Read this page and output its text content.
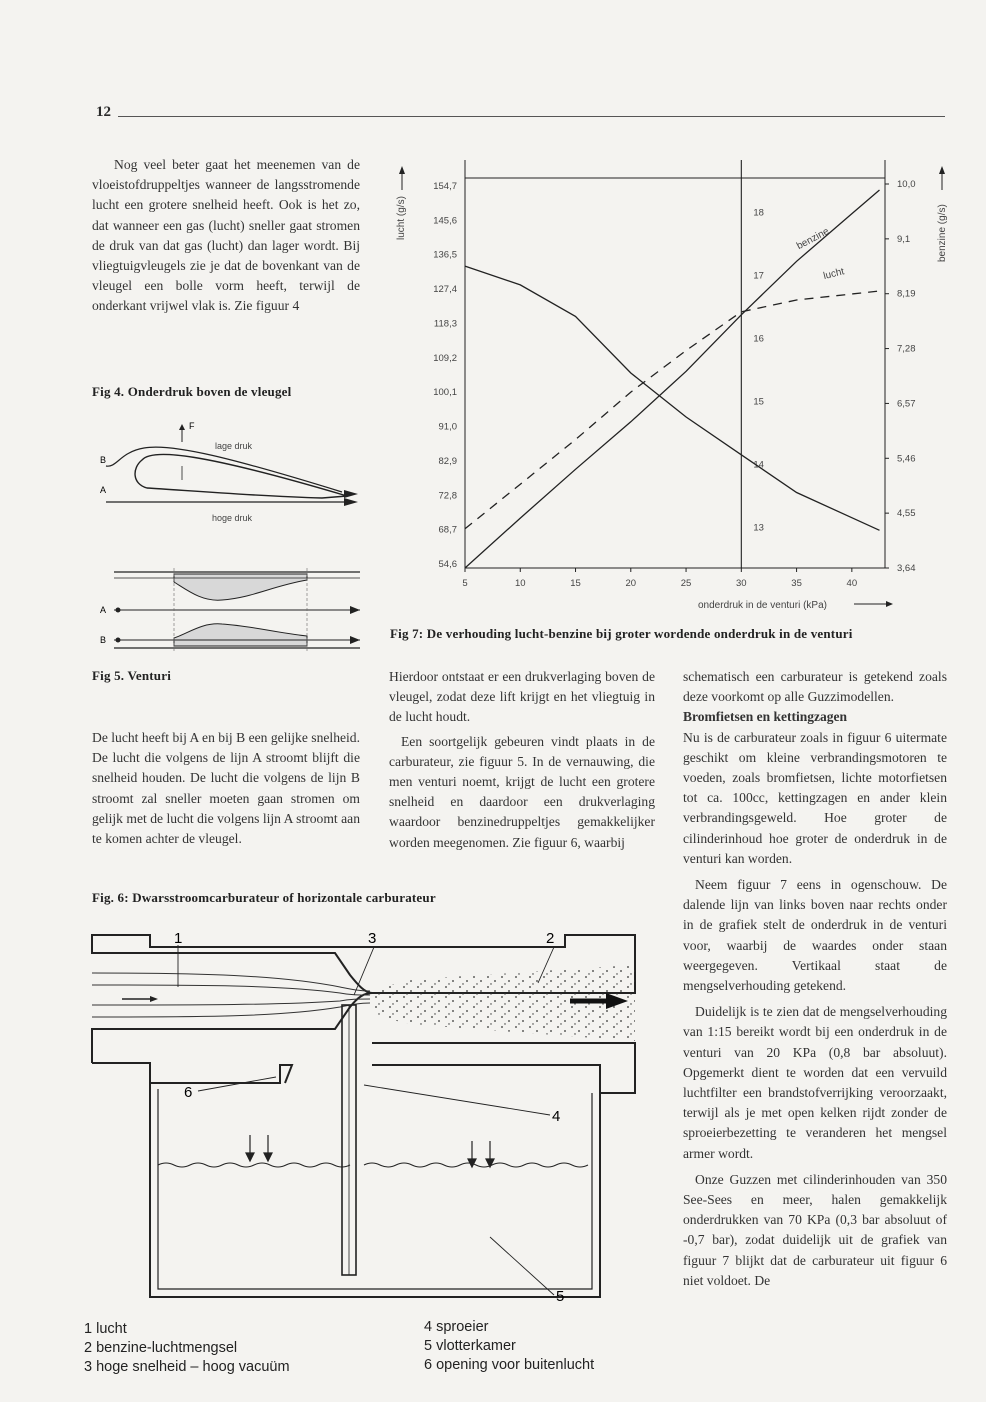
12
Nog veel beter gaat het meenemen van de vloeistofdruppeltjes wanneer de langsstromende lucht een grotere snelheid heeft. Ook is het zo, dat wanneer een gas (lucht) sneller gaat stromen de druk van dat gas (lucht) dan lager wordt. Bij vliegtuigvleugels zie je dat de bovenkant van de vleugel een bolle vorm heeft, terwijl de onderkant vrijwel vlak is. Zie figuur 4
Fig 4. Onderdruk boven de vleugel
F
lage druk
B
A
hoge druk
A
B
Fig 5. Venturi
De lucht heeft bij A en bij B een gelijke snelheid. De lucht die volgens de lijn A stroomt blijft die snelheid houden. De lucht die volgens de lijn B stroomt zal sneller moeten gaan stromen om gelijk met de lucht die volgens lijn A stroomt aan te komen achter de vleugel.
lucht (g/s)	benzine (g/s)
onderdruk in de venturi (kPa)
5	10	15	20	25	30	35	40
154,7
145,6
136,5
127,4
118,3
109,2
100,1
91,0
82,9
72,8
68,7
54,6
10,0
9,1
8,19
7,28
6,57
5,46
4,55
3,64
18
17
16
15
14
13
benzine
lucht
Fig 7: De verhouding lucht-benzine bij groter wordende onderdruk in de venturi

Hierdoor ontstaat er een drukverlaging boven de vleugel, zodat deze lift krijgt en het vliegtuig in de lucht houdt.

Een soortgelijk gebeuren vindt plaats in de carburateur, zie figuur 5. In de vernauwing, die men venturi noemt, krijgt de lucht een grotere snelheid en daardoor een drukverlaging waardoor benzinedruppeltjes gemakkelijker worden meegenomen. Zie figuur 6, waarbij

schematisch een carburateur is getekend zoals deze voorkomt op alle Guzzimodellen.

Bromfietsen en kettingzagen

Nu is de carburateur zoals in figuur 6 uitermate geschikt om kleine verbrandingsmotoren te voeden, zoals bromfietsen, lichte motorfietsen tot ca. 100cc, kettingzagen en ander klein verbrandingsgeweld. Hoe groter de cilinderinhoud hoe groter de onderdruk in de venturi kan worden.

Neem figuur 7 eens in ogenschouw. De dalende lijn van links boven naar rechts onder in de grafiek stelt de onderdruk in de venturi voor, waarbij de waardes onder staan weergegeven. Vertikaal staat de mengselverhouding getekend.

Duidelijk is te zien dat de mengselverhouding van 1:15 bereikt wordt bij een onderdruk in de venturi van 20 KPa (0,8 bar absoluut). Opgemerkt dient te worden dat een vervuild luchtfilter een brandstofverrijking veroorzaakt, terwijl als je met open kelken rijdt zonder de sproeierbezetting te veranderen het mengsel armer wordt.

Onze Guzzen met cilinderinhouden van 350 See-Sees en meer, halen gemakkelijk onderdrukken van 70 KPa (0,3 bar absoluut of -0,7 bar), zodat duidelijk uit de grafiek van figuur 7 blijkt dat de carburateur uit figuur 6 niet voldoet. De

Fig. 6: Dwarsstroomcarburateur of horizontale carburateur
1	2
3
4
5
6
1 lucht
2 benzine-luchtmengsel
3 hoge snelheid – hoog vacuüm
4 sproeier
5 vlotterkamer
6 opening voor buitenlucht
